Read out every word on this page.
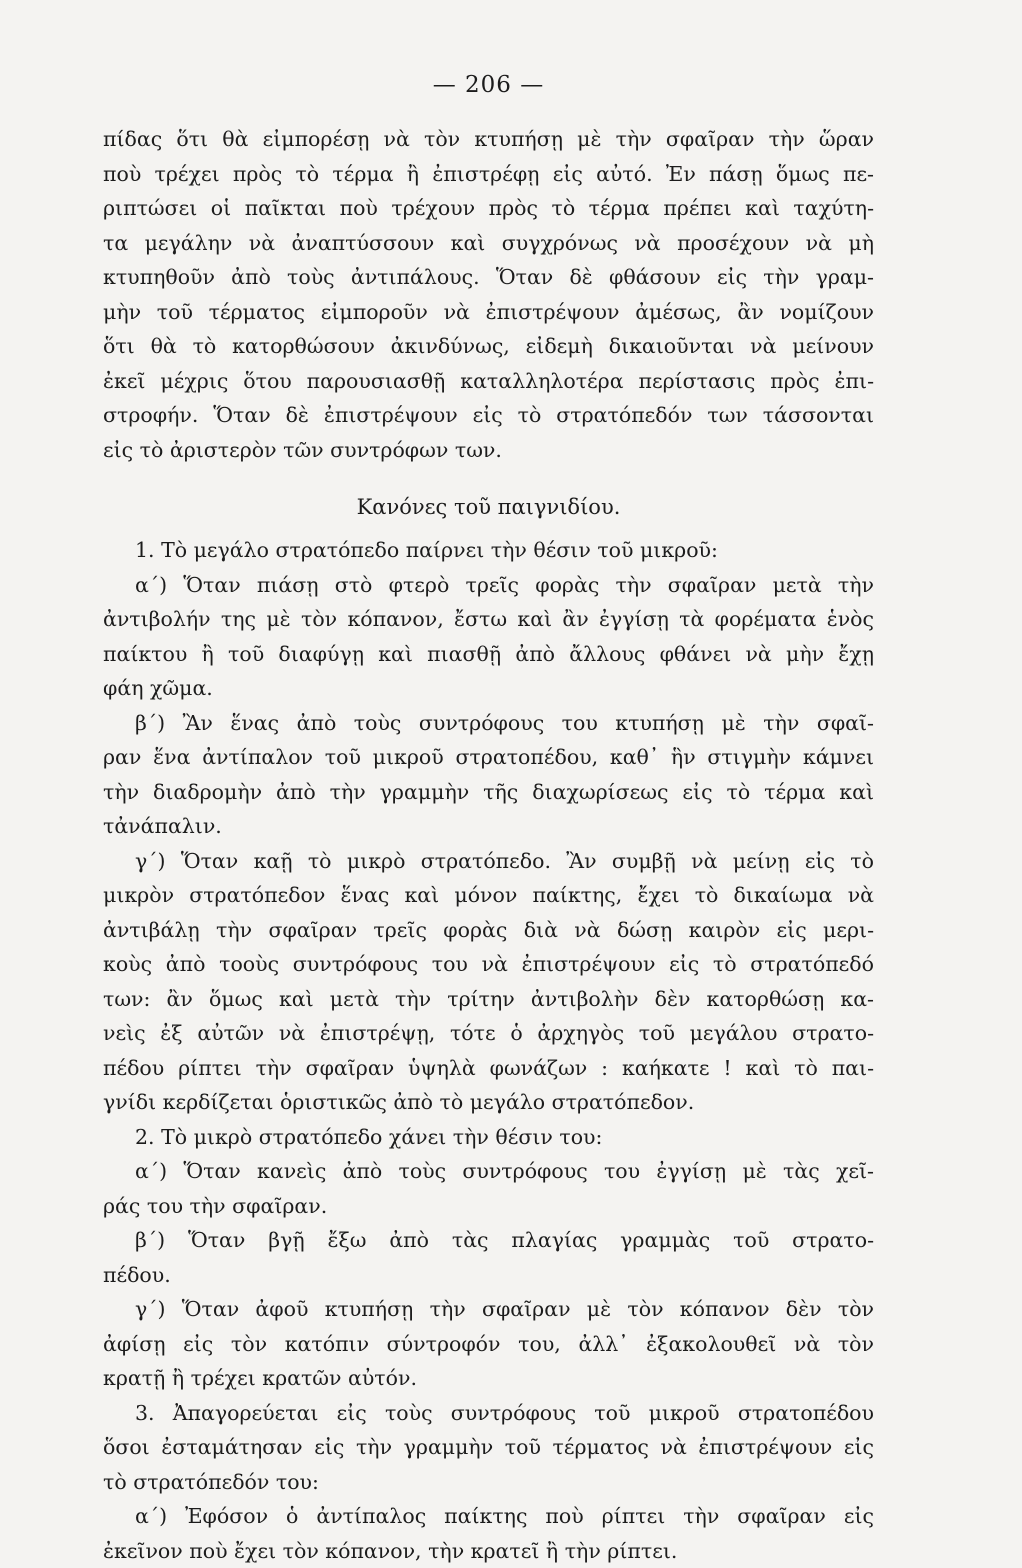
— 206 —
πίδας ὅτι θὰ εἰμπορέσῃ νὰ τὸν κτυπήσῃ μὲ τὴν σφαῖραν τὴν ὥραν
ποὺ τρέχει πρὸς τὸ τέρμα ἢ ἐπιστρέφῃ εἰς αὐτό. Ἐν πάσῃ ὅμως πε-
ριπτώσει οἱ παῖκται ποὺ τρέχουν πρὸς τὸ τέρμα πρέπει καὶ ταχύτη-
τα μεγάλην νὰ ἀναπτύσσουν καὶ συγχρόνως νὰ προσέχουν νὰ μὴ
κτυπηθοῦν ἀπὸ τοὺς ἀντιπάλους. Ὅταν δὲ φθάσουν εἰς τὴν γραμ-
μὴν τοῦ τέρματος εἰμποροῦν νὰ ἐπιστρέψουν ἀμέσως, ἂν νομίζουν
ὅτι θὰ τὸ κατορθώσουν ἀκινδύνως, εἰδεμὴ δικαιοῦνται νὰ μείνουν
ἐκεῖ μέχρις ὅτου παρουσιασθῇ καταλληλοτέρα περίστασις πρὸς ἐπι-
στροφήν. Ὅταν δὲ ἐπιστρέψουν εἰς τὸ στρατόπεδόν των τάσσονται
εἰς τὸ ἀριστερὸν τῶν συντρόφων των.
Κανόνες τοῦ παιγνιδίου.
1. Τὸ μεγάλο στρατόπεδο παίρνει τὴν θέσιν τοῦ μικροῦ:
α΄) Ὅταν πιάσῃ στὸ φτερὸ τρεῖς φορὰς τὴν σφαῖραν μετὰ τὴν
ἀντιβολήν της μὲ τὸν κόπανον, ἔστω καὶ ἂν ἐγγίσῃ τὰ φορέματα ἑνὸς
παίκτου ἢ τοῦ διαφύγῃ καὶ πιασθῇ ἀπὸ ἄλλους φθάνει νὰ μὴν ἔχῃ
φάη χῶμα.
β΄) Ἂν ἕνας ἀπὸ τοὺς συντρόφους του κτυπήσῃ μὲ τὴν σφαῖ-
ραν ἕνα ἀντίπαλον τοῦ μικροῦ στρατοπέδου, καθ᾿ ἣν στιγμὴν κάμνει
τὴν διαδρομὴν ἀπὸ τὴν γραμμὴν τῆς διαχωρίσεως εἰς τὸ τέρμα καὶ
τἀνάπαλιν.
γ΄) Ὅταν καῇ τὸ μικρὸ στρατόπεδο. Ἂν συμβῇ νὰ μείνῃ εἰς τὸ
μικρὸν στρατόπεδον ἕνας καὶ μόνον παίκτης, ἔχει τὸ δικαίωμα νὰ
ἀντιβάλῃ τὴν σφαῖραν τρεῖς φορὰς διὰ νὰ δώσῃ καιρὸν εἰς μερι-
κοὺς ἀπὸ τοοὺς συντρόφους του νὰ ἐπιστρέψουν εἰς τὸ στρατόπεδό
των: ἂν ὅμως καὶ μετὰ τὴν τρίτην ἀντιβολὴν δὲν κατορθώσῃ κα-
νεὶς ἐξ αὐτῶν νὰ ἐπιστρέψῃ, τότε ὁ ἀρχηγὸς τοῦ μεγάλου στρατο-
πέδου ρίπτει τὴν σφαῖραν ὑψηλὰ φωνάζων : καήκατε ! καὶ τὸ παι-
γνίδι κερδίζεται ὁριστικῶς ἀπὸ τὸ μεγάλο στρατόπεδον.
2. Τὸ μικρὸ στρατόπεδο χάνει τὴν θέσιν του:
α΄) Ὅταν κανεὶς ἀπὸ τοὺς συντρόφους του ἐγγίσῃ μὲ τὰς χεῖ-
ράς του τὴν σφαῖραν.
β΄) Ὅταν βγῇ ἔξω ἀπὸ τὰς πλαγίας γραμμὰς τοῦ στρατο-
πέδου.
γ΄) Ὅταν ἀφοῦ κτυπήσῃ τὴν σφαῖραν μὲ τὸν κόπανον δὲν τὸν
ἀφίσῃ εἰς τὸν κατόπιν σύντροφόν του, ἀλλ᾿ ἐξακολουθεῖ νὰ τὸν
κρατῇ ἢ τρέχει κρατῶν αὐτόν.
3. Ἀπαγορεύεται εἰς τοὺς συντρόφους τοῦ μικροῦ στρατοπέδου
ὅσοι ἐσταμάτησαν εἰς τὴν γραμμὴν τοῦ τέρματος νὰ ἐπιστρέψουν εἰς
τὸ στρατόπεδόν του:
α΄) Ἐφόσον ὁ ἀντίπαλος παίκτης ποὺ ρίπτει τὴν σφαῖραν εἰς
ἐκεῖνον ποὺ ἔχει τὸν κόπανον, τὴν κρατεῖ ἢ τὴν ρίπτει.
